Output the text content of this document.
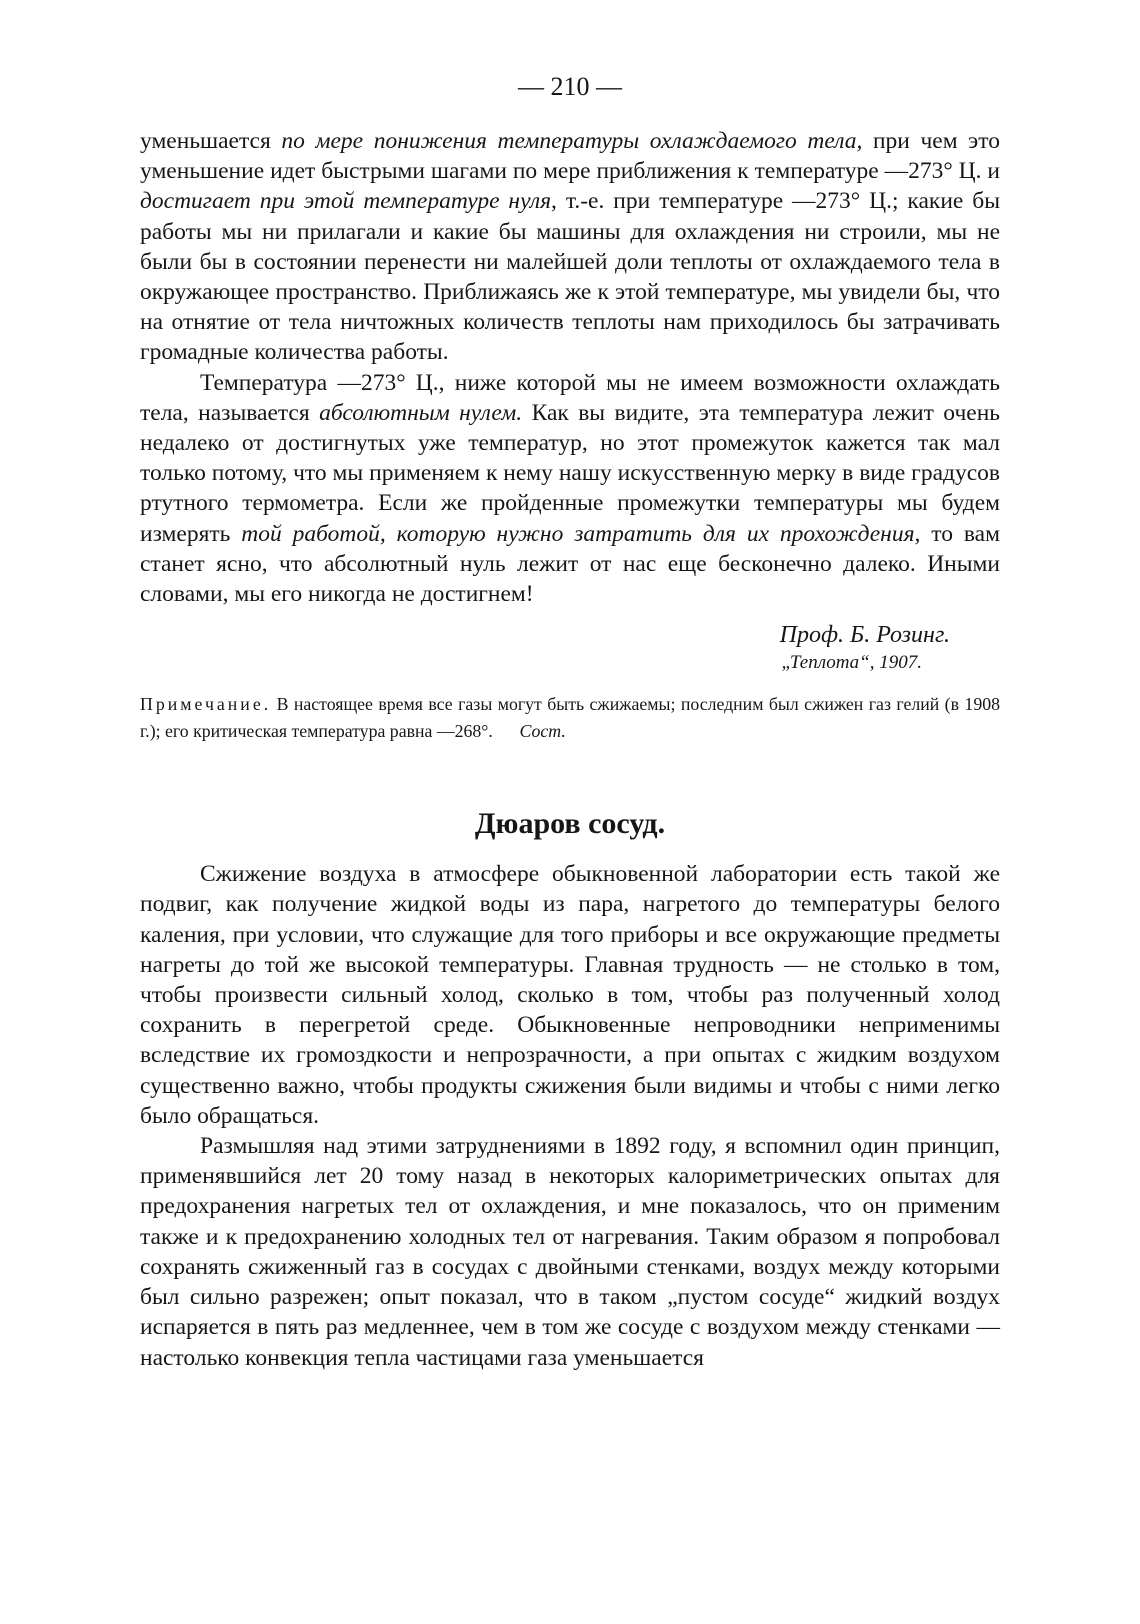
— 210 —

уменьшается по мере понижения температуры охлаждаемого тела, при чем это уменьшение идет быстрыми шагами по мере приближения к температуре —273° Ц. и достигает при этой температуре нуля, т.-е. при температуре —273° Ц.; какие бы работы мы ни прилагали и какие бы машины для охлаждения ни строили, мы не были бы в состоянии перенести ни малейшей доли теплоты от охлаждаемого тела в окружающее пространство. Приближаясь же к этой температуре, мы увидели бы, что на отнятие от тела ничтожных количеств теплоты нам приходилось бы затрачивать громадные количества работы.

Температура —273° Ц., ниже которой мы не имеем возможности охлаждать тела, называется абсолютным нулем. Как вы видите, эта температура лежит очень недалеко от достигнутых уже температур, но этот промежуток кажется так мал только потому, что мы применяем к нему нашу искусственную мерку в виде градусов ртутного термометра. Если же пройденные промежутки температуры мы будем измерять той работой, которую нужно затратить для их прохождения, то вам станет ясно, что абсолютный нуль лежит от нас еще бесконечно далеко. Иными словами, мы его никогда не достигнем!

Проф. Б. Розинг.
„Теплота“, 1907.

Примечание. В настоящее время все газы могут быть сжижаемы; последним был сжижен газ гелий (в 1908 г.); его критическая температура равна —268°. Сост.

Дюаров сосуд.

Сжижение воздуха в атмосфере обыкновенной лаборатории есть такой же подвиг, как получение жидкой воды из пара, нагретого до температуры белого каления, при условии, что служащие для того приборы и все окружающие предметы нагреты до той же высокой температуры. Главная трудность — не столько в том, чтобы произвести сильный холод, сколько в том, чтобы раз полученный холод сохранить в перегретой среде. Обыкновенные непроводники неприменимы вследствие их громоздкости и непрозрачности, а при опытах с жидким воздухом существенно важно, чтобы продукты сжижения были видимы и чтобы с ними легко было обращаться.

Размышляя над этими затруднениями в 1892 году, я вспомнил один принцип, применявшийся лет 20 тому назад в некоторых калориметрических опытах для предохранения нагретых тел от охлаждения, и мне показалось, что он применим также и к предохранению холодных тел от нагревания. Таким образом я попробовал сохранять сжиженный газ в сосудах с двойными стенками, воздух между которыми был сильно разрежен; опыт показал, что в таком „пустом сосуде“ жидкий воздух испаряется в пять раз медленнее, чем в том же сосуде с воздухом между стенками — настолько конвекция тепла частицами газа уменьшается
